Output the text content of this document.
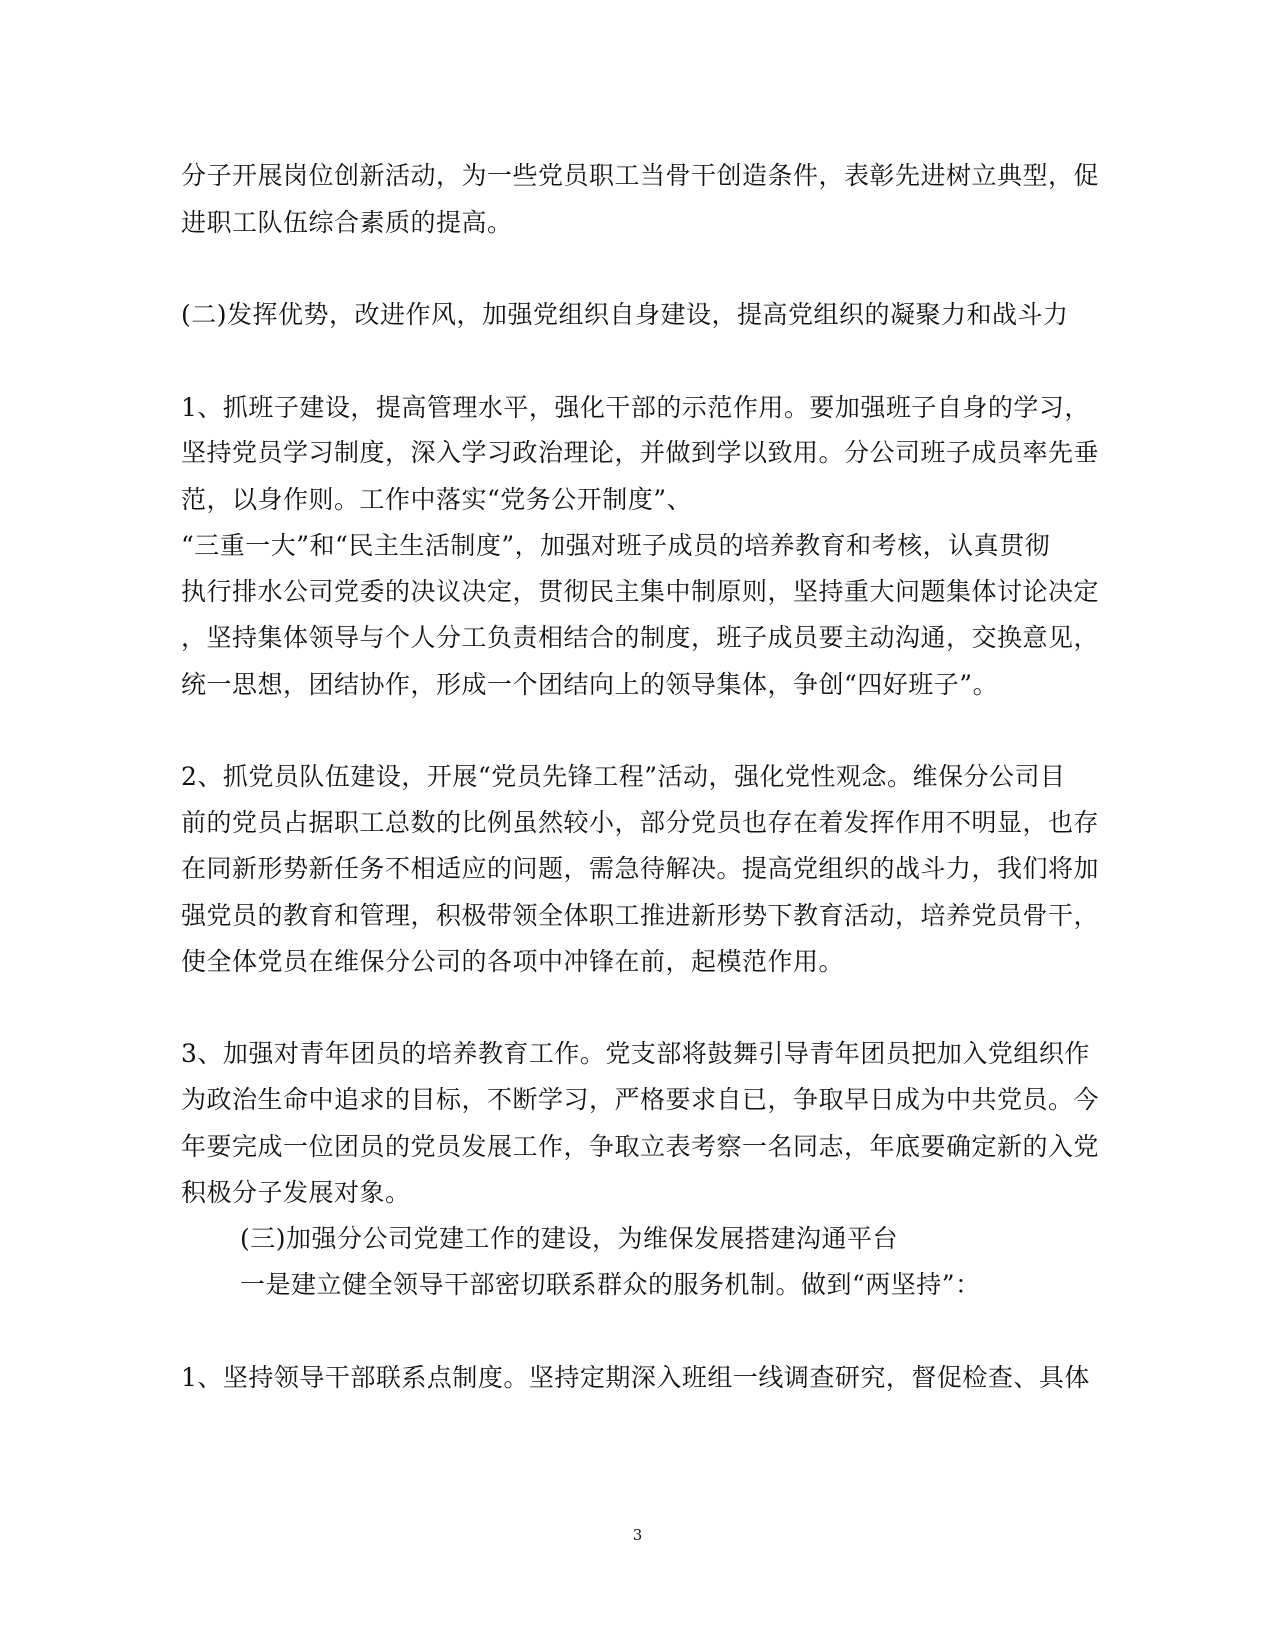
分子开展岗位创新活动，为一些党员职工当骨干创造条件，表彰先进树立典型，促
进职工队伍综合素质的提高。
(二)发挥优势，改进作风，加强党组织自身建设，提高党组织的凝聚力和战斗力
1、抓班子建设，提高管理水平，强化干部的示范作用。要加强班子自身的学习，
坚持党员学习制度，深入学习政治理论，并做到学以致用。分公司班子成员率先垂
范，以身作则。工作中落实“党务公开制度”、
“三重一大”和“民主生活制度”，加强对班子成员的培养教育和考核，认真贯彻
执行排水公司党委的决议决定，贯彻民主集中制原则，坚持重大问题集体讨论决定
，坚持集体领导与个人分工负责相结合的制度，班子成员要主动沟通，交换意见，
统一思想，团结协作，形成一个团结向上的领导集体，争创“四好班子”。
2、抓党员队伍建设，开展“党员先锋工程”活动，强化党性观念。维保分公司目
前的党员占据职工总数的比例虽然较小，部分党员也存在着发挥作用不明显，也存
在同新形势新任务不相适应的问题，需急待解决。提高党组织的战斗力，我们将加
强党员的教育和管理，积极带领全体职工推进新形势下教育活动，培养党员骨干，
使全体党员在维保分公司的各项中冲锋在前，起模范作用。
3、加强对青年团员的培养教育工作。党支部将鼓舞引导青年团员把加入党组织作
为政治生命中追求的目标，不断学习，严格要求自已，争取早日成为中共党员。今
年要完成一位团员的党员发展工作，争取立表考察一名同志，年底要确定新的入党
积极分子发展对象。
(三)加强分公司党建工作的建设，为维保发展搭建沟通平台
一是建立健全领导干部密切联系群众的服务机制。做到“两坚持”：
1、坚持领导干部联系点制度。坚持定期深入班组一线调查研究，督促检查、具体
3
